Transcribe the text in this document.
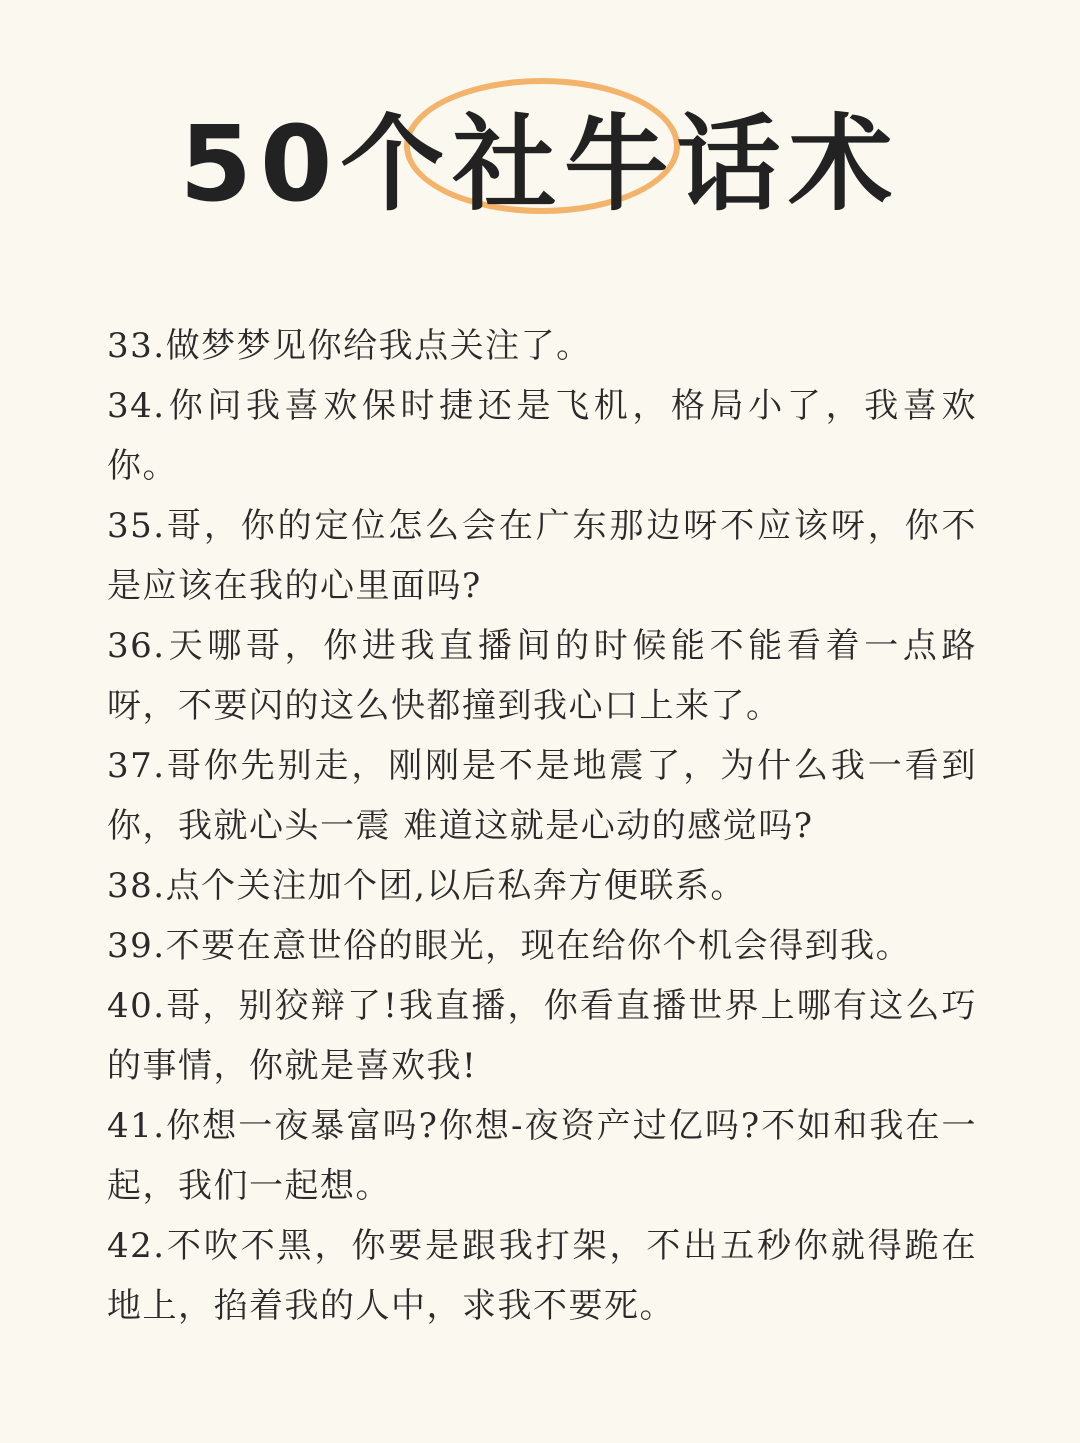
50个社牛话术
33.做梦梦见你给我点关注了。
34.你问我喜欢保时捷还是飞机，格局小了，我喜欢你。
35.哥，你的定位怎么会在广东那边呀不应该呀，你不是应该在我的心里面吗?
36.天哪哥，你进我直播间的时候能不能看着一点路呀，不要闪的这么快都撞到我心口上来了。
37.哥你先别走，刚刚是不是地震了，为什么我一看到你，我就心头一震 难道这就是心动的感觉吗?
38.点个关注加个团,以后私奔方便联系。
39.不要在意世俗的眼光，现在给你个机会得到我。
40.哥，别狡辩了!我直播，你看直播世界上哪有这么巧的事情，你就是喜欢我!
41.你想一夜暴富吗?你想-夜资产过亿吗?不如和我在一起，我们一起想。
42.不吹不黑，你要是跟我打架，不出五秒你就得跪在地上，掐着我的人中，求我不要死。
